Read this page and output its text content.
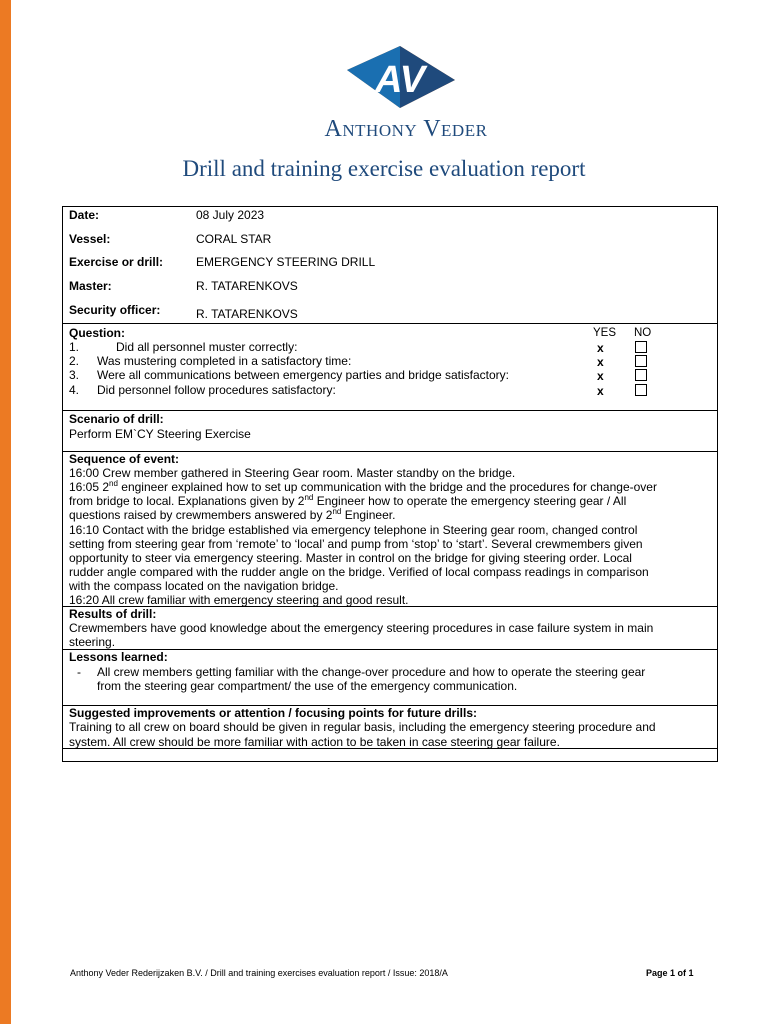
AV
Anthony Veder
Drill and training exercise evaluation report
Date:	08 July 2023
Vessel:	CORAL STAR
Exercise or drill:	EMERGENCY STEERING DRILL
Master:	R. TATARENKOVS
Security officer:	R. TATARENKOVS
Question:	YES NO
1.	Did all personnel muster correctly:	x
2. Was mustering completed in a satisfactory time:	x
3. Were all communications between emergency parties and bridge satisfactory:	x
4. Did personnel follow procedures satisfactory:	x
Scenario of drill:
Perform EM`CY Steering Exercise
Sequence of event:
16:00 Crew member gathered in Steering Gear room. Master standby on the bridge.
16:05 2nd engineer explained how to set up communication with the bridge and the procedures for change-over
from bridge to local. Explanations given by 2nd Engineer how to operate the emergency steering gear / All
questions raised by crewmembers answered by 2nd Engineer.
16:10 Contact with the bridge established via emergency telephone in Steering gear room, changed control
setting from steering gear from ‘remote’ to ‘local’ and pump from ‘stop’ to ‘start’. Several crewmembers given
opportunity to steer via emergency steering. Master in control on the bridge for giving steering order. Local
rudder angle compared with the rudder angle on the bridge. Verified of local compass readings in comparison
with the compass located on the navigation bridge.
16:20 All crew familiar with emergency steering and good result.
Results of drill:
Crewmembers have good knowledge about the emergency steering procedures in case failure system in main
steering.
Lessons learned:
- All crew members getting familiar with the change-over procedure and how to operate the steering gear
from the steering gear compartment/ the use of the emergency communication.
Suggested improvements or attention / focusing points for future drills:
Training to all crew on board should be given in regular basis, including the emergency steering procedure and
system. All crew should be more familiar with action to be taken in case steering gear failure.
Anthony Veder Rederijzaken B.V. / Drill and training exercises evaluation report / Issue: 2018/A	Page 1 of 1
